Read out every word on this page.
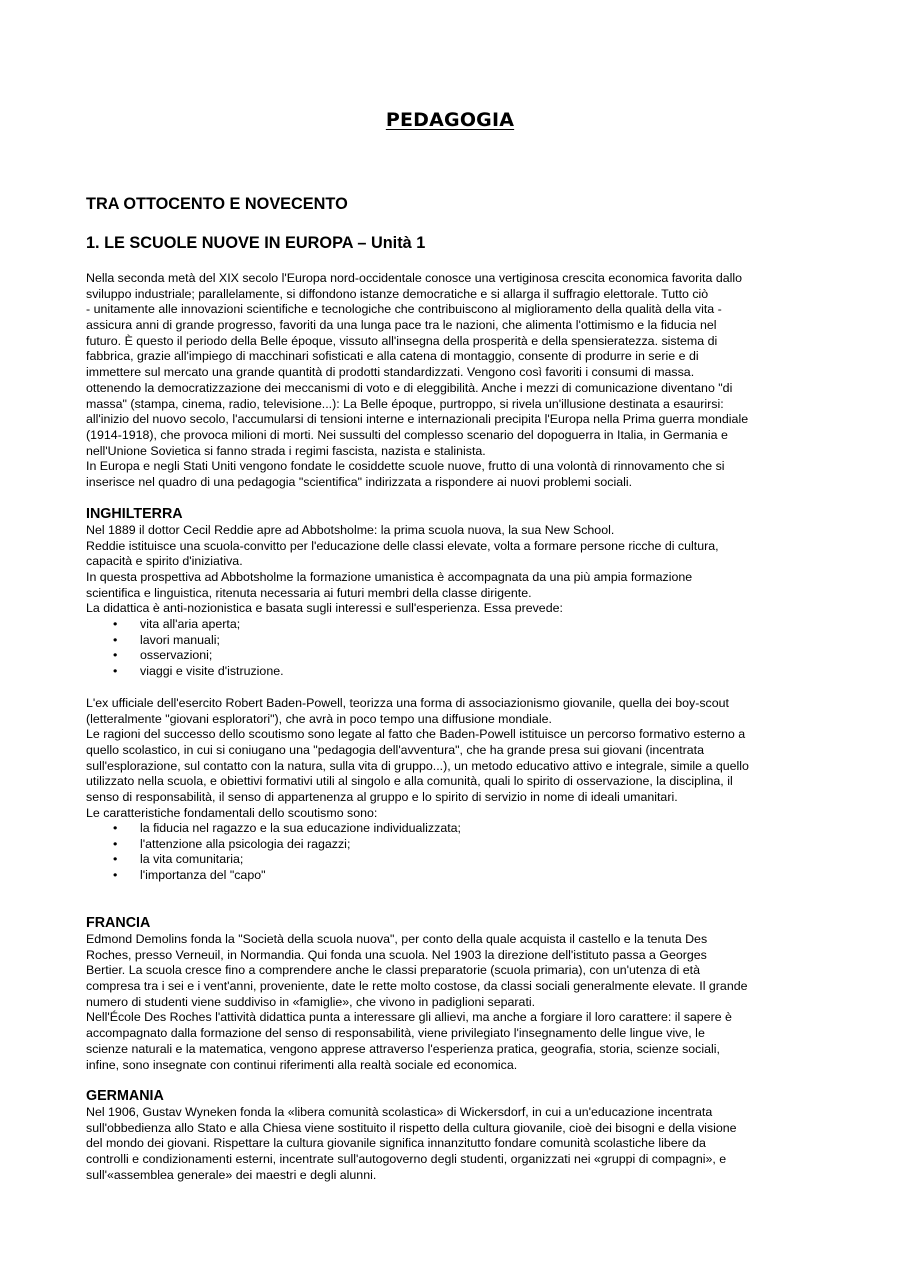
PEDAGOGIA
TRA OTTOCENTO E NOVECENTO
1. LE SCUOLE NUOVE IN EUROPA – Unità 1
Nella seconda metà del XIX secolo l'Europa nord-occidentale conosce una vertiginosa crescita economica favorita dallo
sviluppo industriale; parallelamente, si diffondono istanze democratiche e si allarga il suffragio elettorale. Tutto ciò
- unitamente alle innovazioni scientifiche e tecnologiche che contribuiscono al miglioramento della qualità della vita -
assicura anni di grande progresso, favoriti da una lunga pace tra le nazioni, che alimenta l'ottimismo e la fiducia nel
futuro. È questo il periodo della Belle époque, vissuto all'insegna della prosperità e della spensieratezza. sistema di
fabbrica, grazie all'impiego di macchinari sofisticati e alla catena di montaggio, consente di produrre in serie e di
immettere sul mercato una grande quantità di prodotti standardizzati. Vengono così favoriti i consumi di massa.
ottenendo la democratizzazione dei meccanismi di voto e di eleggibilità. Anche i mezzi di comunicazione diventano "di
massa" (stampa, cinema, radio, televisione...): La Belle époque, purtroppo, si rivela un'illusione destinata a esaurirsi:
all'inizio del nuovo secolo, l'accumularsi di tensioni interne e internazionali precipita l'Europa nella Prima guerra mondiale
(1914-1918), che provoca milioni di morti. Nei sussulti del complesso scenario del dopoguerra in Italia, in Germania e
nell'Unione Sovietica si fanno strada i regimi fascista, nazista e stalinista.
In Europa e negli Stati Uniti vengono fondate le cosiddette scuole nuove, frutto di una volontà di rinnovamento che si
inserisce nel quadro di una pedagogia "scientifica" indirizzata a rispondere ai nuovi problemi sociali.
INGHILTERRA
Nel 1889 il dottor Cecil Reddie apre ad Abbotsholme: la prima scuola nuova, la sua New School.
Reddie istituisce una scuola-convitto per l'educazione delle classi elevate, volta a formare persone ricche di cultura,
capacità e spirito d'iniziativa.
In questa prospettiva ad Abbotsholme la formazione umanistica è accompagnata da una più ampia formazione
scientifica e linguistica, ritenuta necessaria ai futuri membri della classe dirigente.
La didattica è anti-nozionistica e basata sugli interessi e sull'esperienza. Essa prevede:
• vita all'aria aperta;
• lavori manuali;
• osservazioni;
• viaggi e visite d'istruzione.
L'ex ufficiale dell'esercito Robert Baden-Powell, teorizza una forma di associazionismo giovanile, quella dei boy-scout
(letteralmente "giovani esploratori"), che avrà in poco tempo una diffusione mondiale.
Le ragioni del successo dello scoutismo sono legate al fatto che Baden-Powell istituisce un percorso formativo esterno a
quello scolastico, in cui si coniugano una "pedagogia dell'avventura", che ha grande presa sui giovani (incentrata
sull'esplorazione, sul contatto con la natura, sulla vita di gruppo...), un metodo educativo attivo e integrale, simile a quello
utilizzato nella scuola, e obiettivi formativi utili al singolo e alla comunità, quali lo spirito di osservazione, la disciplina, il
senso di responsabilità, il senso di appartenenza al gruppo e lo spirito di servizio in nome di ideali umanitari.
Le caratteristiche fondamentali dello scoutismo sono:
• la fiducia nel ragazzo e la sua educazione individualizzata;
• l'attenzione alla psicologia dei ragazzi;
• la vita comunitaria;
• l'importanza del "capo"
FRANCIA
Edmond Demolins fonda la "Società della scuola nuova", per conto della quale acquista il castello e la tenuta Des
Roches, presso Verneuil, in Normandia. Qui fonda una scuola. Nel 1903 la direzione dell'istituto passa a Georges
Bertier. La scuola cresce fino a comprendere anche le classi preparatorie (scuola primaria), con un'utenza di età
compresa tra i sei e i vent'anni, proveniente, date le rette molto costose, da classi sociali generalmente elevate. Il grande
numero di studenti viene suddiviso in «famiglie», che vivono in padiglioni separati.
Nell'École Des Roches l'attività didattica punta a interessare gli allievi, ma anche a forgiare il loro carattere: il sapere è
accompagnato dalla formazione del senso di responsabilità, viene privilegiato l'insegnamento delle lingue vive, le
scienze naturali e la matematica, vengono apprese attraverso l'esperienza pratica, geografia, storia, scienze sociali,
infine, sono insegnate con continui riferimenti alla realtà sociale ed economica.
GERMANIA
Nel 1906, Gustav Wyneken fonda la «libera comunità scolastica» di Wickersdorf, in cui a un'educazione incentrata
sull'obbedienza allo Stato e alla Chiesa viene sostituito il rispetto della cultura giovanile, cioè dei bisogni e della visione
del mondo dei giovani. Rispettare la cultura giovanile significa innanzitutto fondare comunità scolastiche libere da
controlli e condizionamenti esterni, incentrate sull'autogoverno degli studenti, organizzati nei «gruppi di compagni», e
sull'«assemblea generale» dei maestri e degli alunni.
